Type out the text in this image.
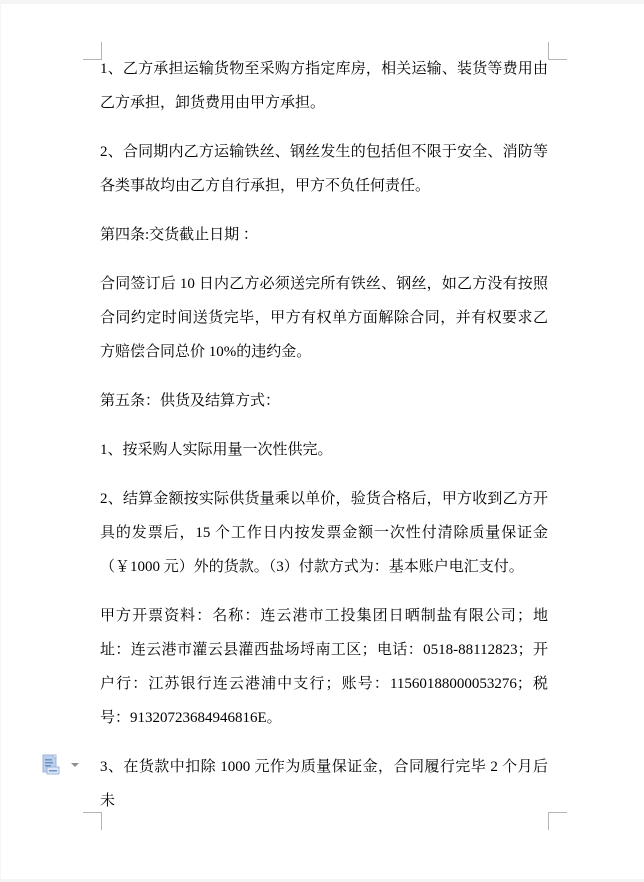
1、乙方承担运输货物至采购方指定库房，相关运输、装货等费用由乙方承担，卸货费用由甲方承担。

2、合同期内乙方运输铁丝、钢丝发生的包括但不限于安全、消防等各类事故均由乙方自行承担，甲方不负任何责任。

第四条:交货截止日期 ：

合同签订后 10 日内乙方必须送完所有铁丝、钢丝，如乙方没有按照合同约定时间送货完毕，甲方有权单方面解除合同，并有权要求乙方赔偿合同总价 10%的违约金。

第五条：供货及结算方式：

1、按采购人实际用量一次性供完。

2、结算金额按实际供货量乘以单价，验货合格后，甲方收到乙方开具的发票后，15 个工作日内按发票金额一次性付清除质量保证金（￥1000 元）外的货款。（3）付款方式为：基本账户电汇支付。

甲方开票资料：名称：连云港市工投集团日晒制盐有限公司；地址：连云港市灌云县灌西盐场埒南工区；电话：0518-88112823；开户行：江苏银行连云港浦中支行；账号：11560188000053276；税号：91320723684946816E。

3、在货款中扣除 1000 元作为质量保证金，合同履行完毕 2 个月后未
